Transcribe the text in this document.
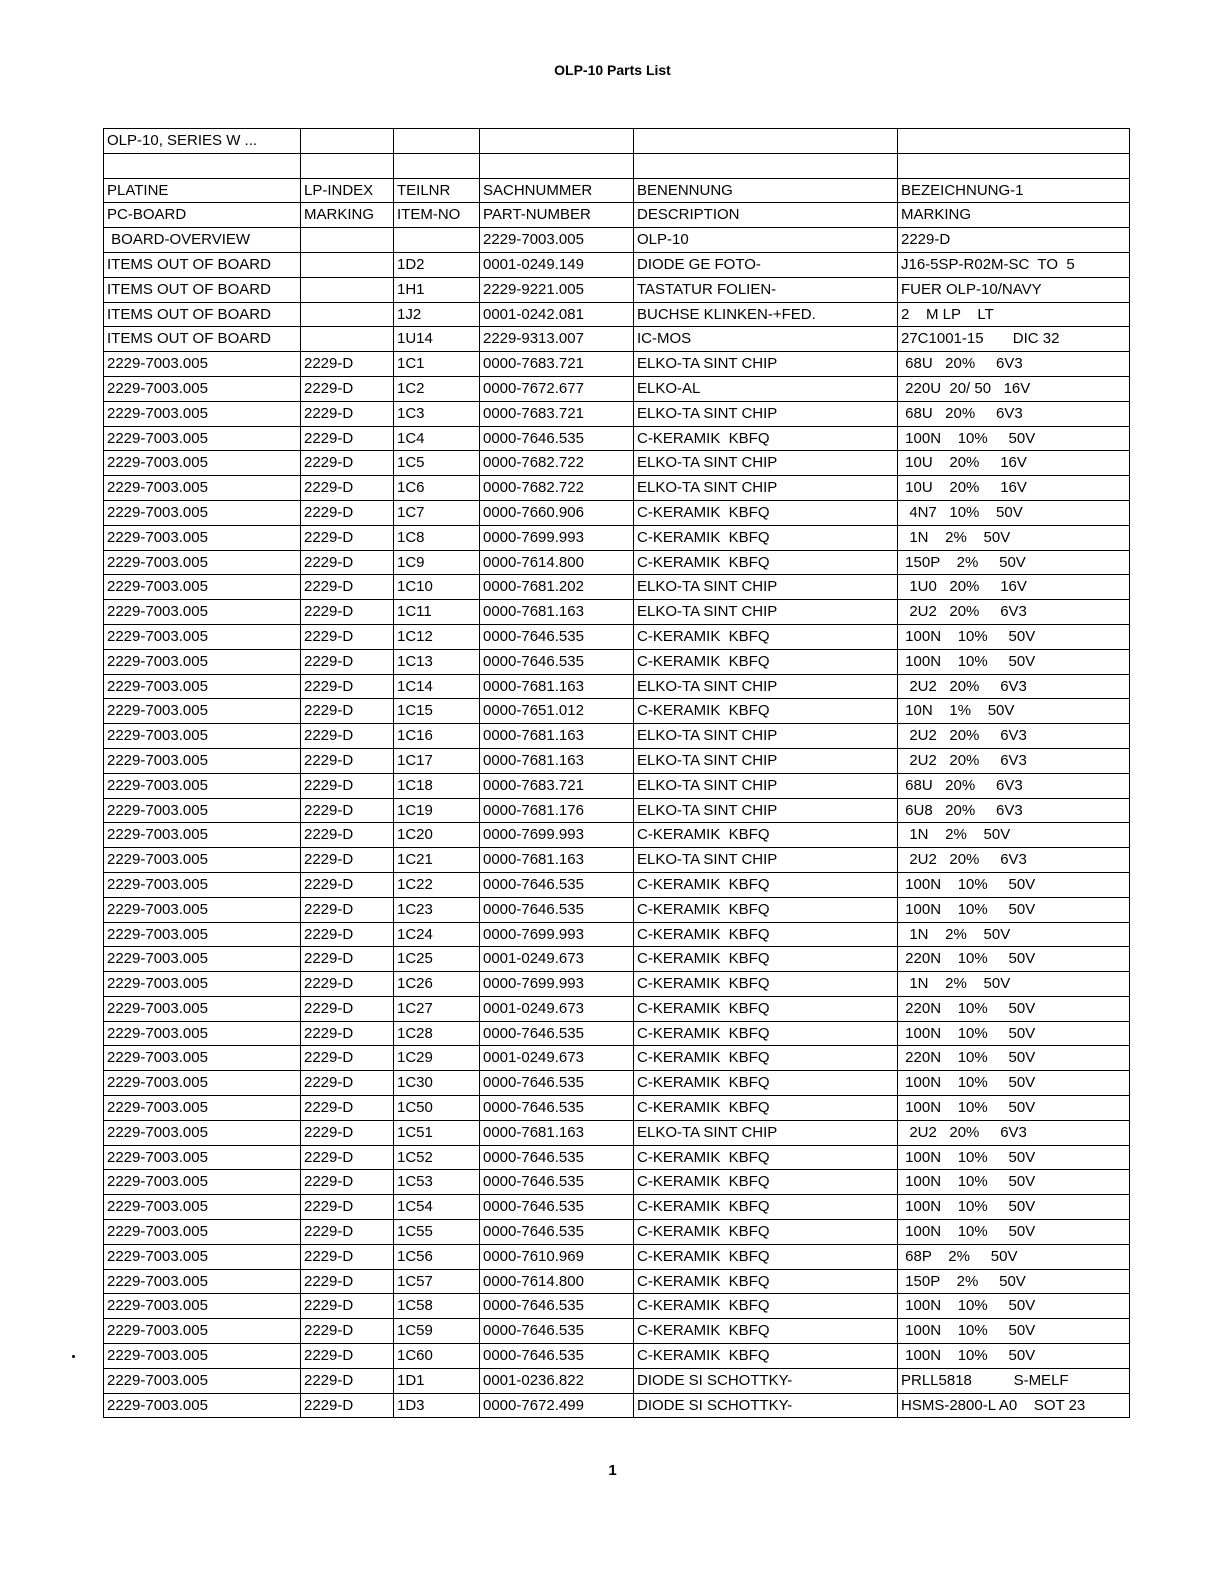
OLP-10 Parts List
OLP-10, SERIES W ...					

PLATINE	LP-INDEX	TEILNR	SACHNUMMER	BENENNUNG	BEZEICHNUNG-1
PC-BOARD	MARKING	ITEM-NO	PART-NUMBER	DESCRIPTION	MARKING
BOARD-OVERVIEW			2229-7003.005	OLP-10	2229-D
ITEMS OUT OF BOARD		1D2	0001-0249.149	DIODE GE FOTO-	J16-5SP-R02M-SC  TO  5
ITEMS OUT OF BOARD		1H1	2229-9221.005	TASTATUR FOLIEN-	FUER OLP-10/NAVY
ITEMS OUT OF BOARD		1J2	0001-0242.081	BUCHSE KLINKEN-+FED.	2    M LP    LT
ITEMS OUT OF BOARD		1U14	2229-9313.007	IC-MOS	27C1001-15       DIC 32
2229-7003.005	2229-D	1C1	0000-7683.721	ELKO-TA SINT CHIP	68U   20%     6V3
2229-7003.005	2229-D	1C2	0000-7672.677	ELKO-AL	220U  20/ 50   16V
2229-7003.005	2229-D	1C3	0000-7683.721	ELKO-TA SINT CHIP	68U   20%     6V3
2229-7003.005	2229-D	1C4	0000-7646.535	C-KERAMIK  KBFQ	100N    10%     50V
2229-7003.005	2229-D	1C5	0000-7682.722	ELKO-TA SINT CHIP	10U    20%     16V
2229-7003.005	2229-D	1C6	0000-7682.722	ELKO-TA SINT CHIP	10U    20%     16V
2229-7003.005	2229-D	1C7	0000-7660.906	C-KERAMIK  KBFQ	4N7   10%    50V
2229-7003.005	2229-D	1C8	0000-7699.993	C-KERAMIK  KBFQ	1N    2%    50V
2229-7003.005	2229-D	1C9	0000-7614.800	C-KERAMIK  KBFQ	150P    2%     50V
2229-7003.005	2229-D	1C10	0000-7681.202	ELKO-TA SINT CHIP	1U0   20%     16V
2229-7003.005	2229-D	1C11	0000-7681.163	ELKO-TA SINT CHIP	2U2   20%     6V3
2229-7003.005	2229-D	1C12	0000-7646.535	C-KERAMIK  KBFQ	100N    10%     50V
2229-7003.005	2229-D	1C13	0000-7646.535	C-KERAMIK  KBFQ	100N    10%     50V
2229-7003.005	2229-D	1C14	0000-7681.163	ELKO-TA SINT CHIP	2U2   20%     6V3
2229-7003.005	2229-D	1C15	0000-7651.012	C-KERAMIK  KBFQ	10N    1%    50V
2229-7003.005	2229-D	1C16	0000-7681.163	ELKO-TA SINT CHIP	2U2   20%     6V3
2229-7003.005	2229-D	1C17	0000-7681.163	ELKO-TA SINT CHIP	2U2   20%     6V3
2229-7003.005	2229-D	1C18	0000-7683.721	ELKO-TA SINT CHIP	68U   20%     6V3
2229-7003.005	2229-D	1C19	0000-7681.176	ELKO-TA SINT CHIP	6U8   20%     6V3
2229-7003.005	2229-D	1C20	0000-7699.993	C-KERAMIK  KBFQ	1N    2%    50V
2229-7003.005	2229-D	1C21	0000-7681.163	ELKO-TA SINT CHIP	2U2   20%     6V3
2229-7003.005	2229-D	1C22	0000-7646.535	C-KERAMIK  KBFQ	100N    10%     50V
2229-7003.005	2229-D	1C23	0000-7646.535	C-KERAMIK  KBFQ	100N    10%     50V
2229-7003.005	2229-D	1C24	0000-7699.993	C-KERAMIK  KBFQ	1N    2%    50V
2229-7003.005	2229-D	1C25	0001-0249.673	C-KERAMIK  KBFQ	220N    10%     50V
2229-7003.005	2229-D	1C26	0000-7699.993	C-KERAMIK  KBFQ	1N    2%    50V
2229-7003.005	2229-D	1C27	0001-0249.673	C-KERAMIK  KBFQ	220N    10%     50V
2229-7003.005	2229-D	1C28	0000-7646.535	C-KERAMIK  KBFQ	100N    10%     50V
2229-7003.005	2229-D	1C29	0001-0249.673	C-KERAMIK  KBFQ	220N    10%     50V
2229-7003.005	2229-D	1C30	0000-7646.535	C-KERAMIK  KBFQ	100N    10%     50V
2229-7003.005	2229-D	1C50	0000-7646.535	C-KERAMIK  KBFQ	100N    10%     50V
2229-7003.005	2229-D	1C51	0000-7681.163	ELKO-TA SINT CHIP	2U2   20%     6V3
2229-7003.005	2229-D	1C52	0000-7646.535	C-KERAMIK  KBFQ	100N    10%     50V
2229-7003.005	2229-D	1C53	0000-7646.535	C-KERAMIK  KBFQ	100N    10%     50V
2229-7003.005	2229-D	1C54	0000-7646.535	C-KERAMIK  KBFQ	100N    10%     50V
2229-7003.005	2229-D	1C55	0000-7646.535	C-KERAMIK  KBFQ	100N    10%     50V
2229-7003.005	2229-D	1C56	0000-7610.969	C-KERAMIK  KBFQ	68P    2%     50V
2229-7003.005	2229-D	1C57	0000-7614.800	C-KERAMIK  KBFQ	150P    2%     50V
2229-7003.005	2229-D	1C58	0000-7646.535	C-KERAMIK  KBFQ	100N    10%     50V
2229-7003.005	2229-D	1C59	0000-7646.535	C-KERAMIK  KBFQ	100N    10%     50V
2229-7003.005	2229-D	1C60	0000-7646.535	C-KERAMIK  KBFQ	100N    10%     50V
2229-7003.005	2229-D	1D1	0001-0236.822	DIODE SI SCHOTTKY-	PRLL5818          S-MELF
2229-7003.005	2229-D	1D3	0000-7672.499	DIODE SI SCHOTTKY-	HSMS-2800-L A0    SOT 23
1
